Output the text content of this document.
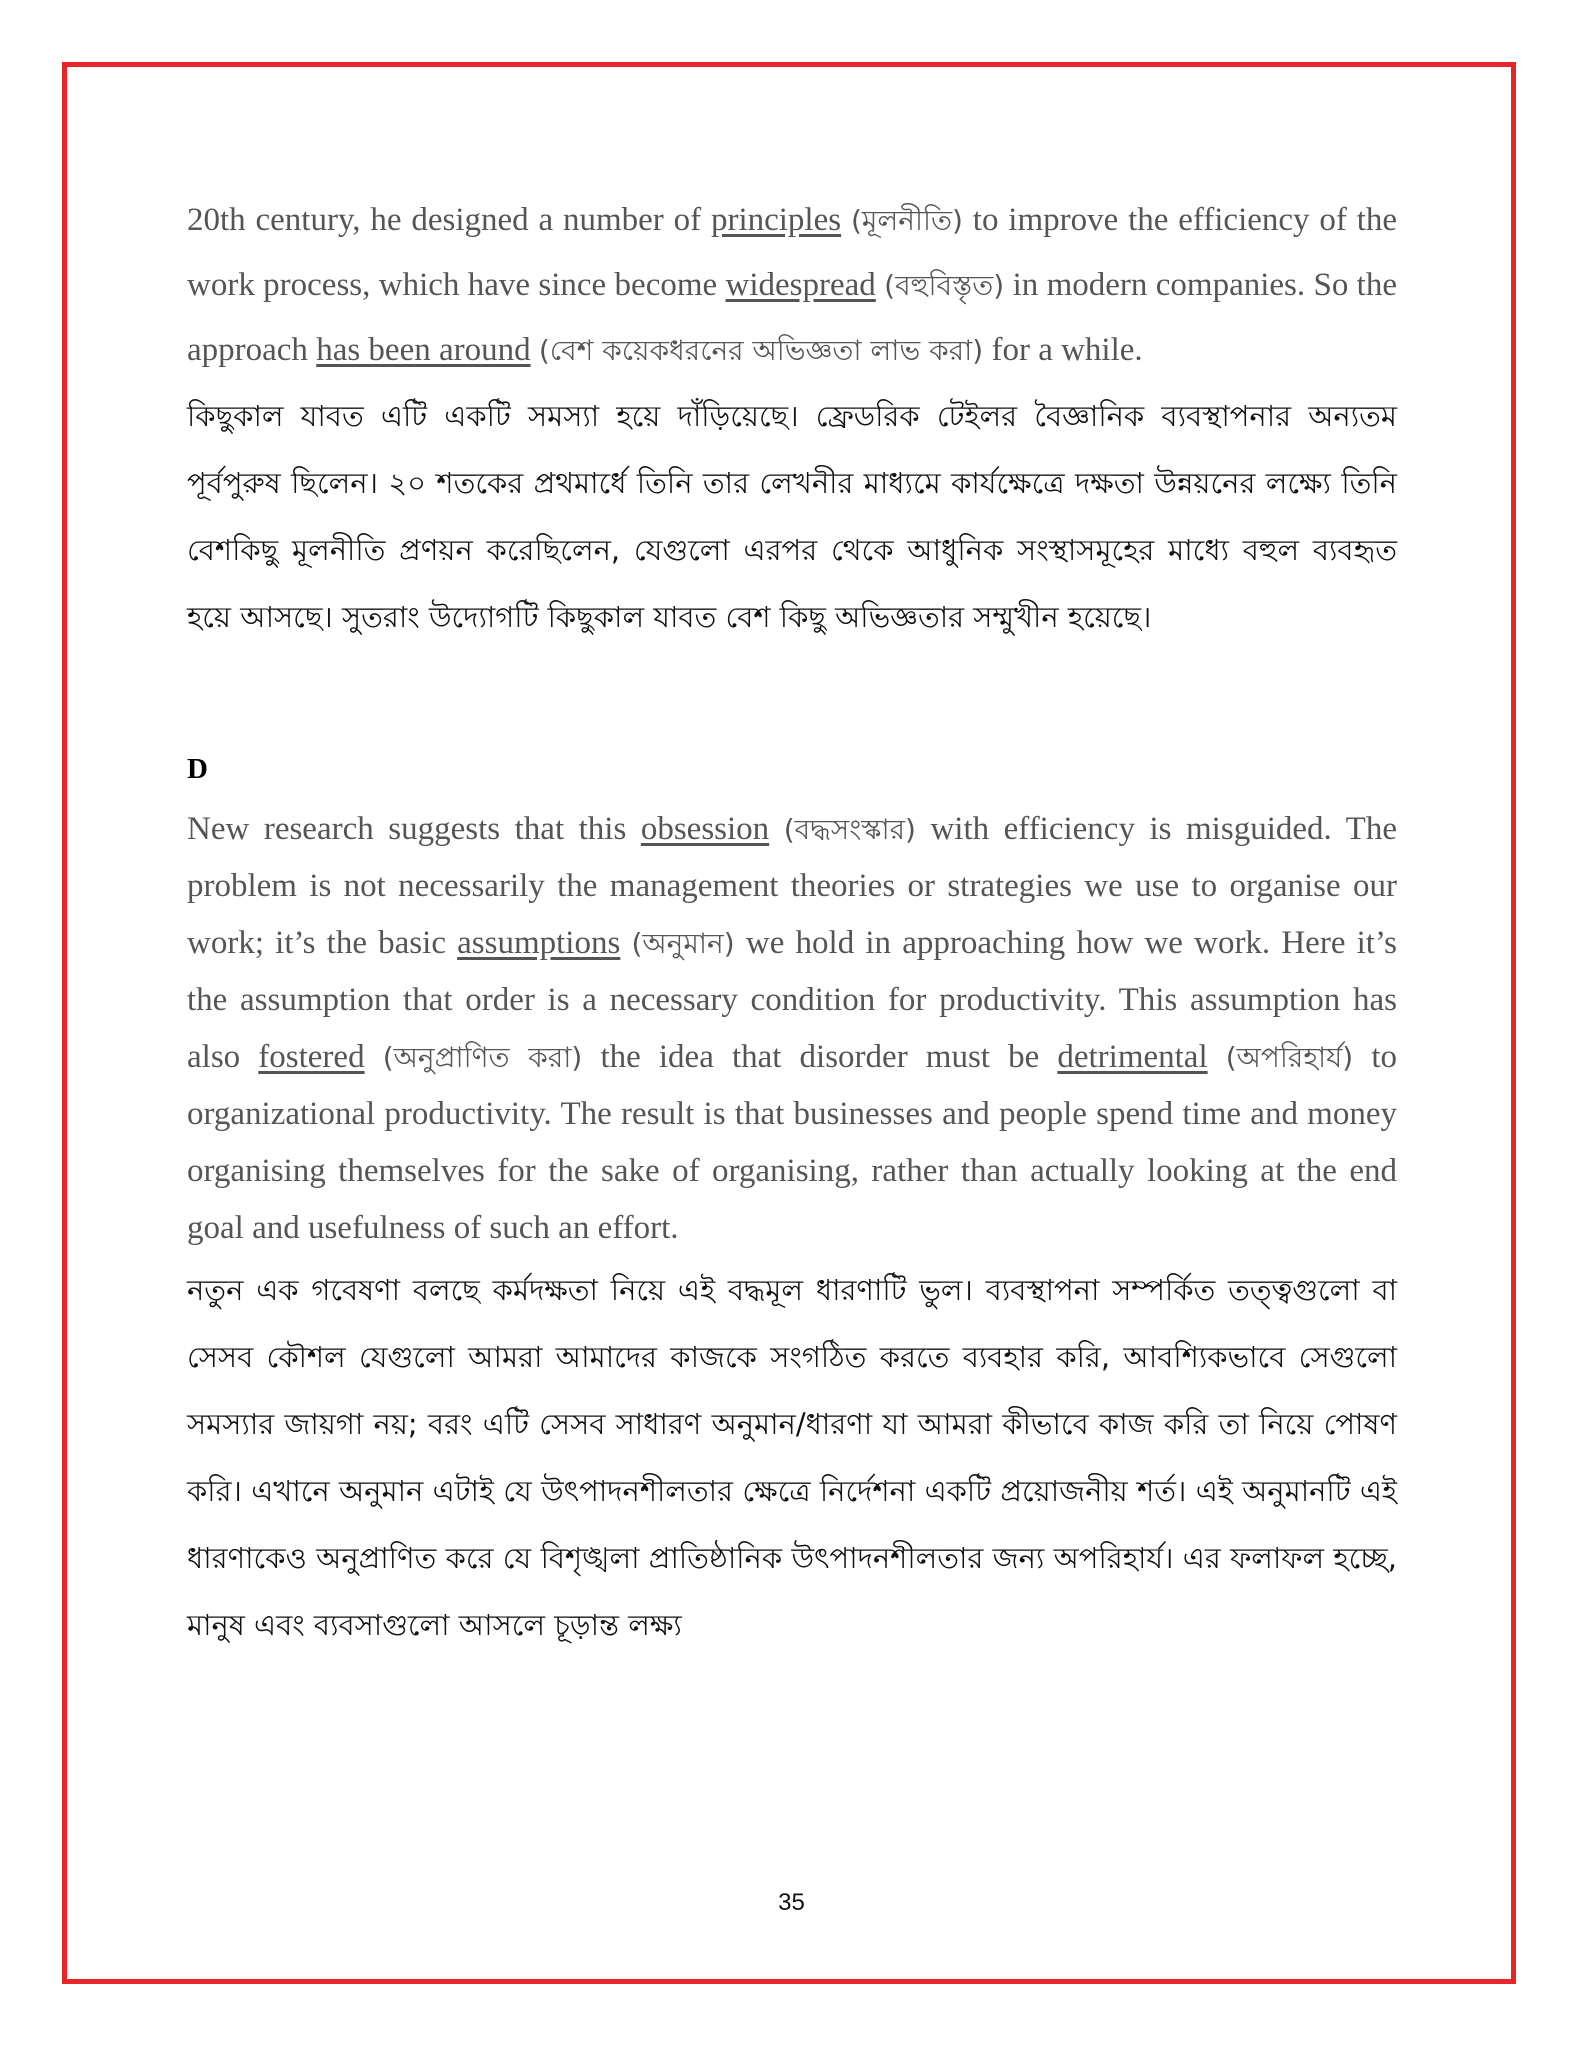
20th century, he designed a number of principles (মূলনীতি) to improve the efficiency of the work process, which have since become widespread (বহুবিস্তৃত) in modern companies. So the approach has been around (বেশ কয়েকধরনের অভিজ্ঞতা লাভ করা) for a while.

কিছুকাল যাবত এটি একটি সমস্যা হয়ে দাঁড়িয়েছে। ফ্রেডরিক টেইলর বৈজ্ঞানিক ব্যবস্থাপনার অন্যতম পূর্বপুরুষ ছিলেন। ২০ শতকের প্রথমার্ধে তিনি তার লেখনীর মাধ্যমে কার্যক্ষেত্রে দক্ষতা উন্নয়নের লক্ষ্যে তিনি বেশকিছু মূলনীতি প্রণয়ন করেছিলেন, যেগুলো এরপর থেকে আধুনিক সংস্থাসমূহের মাধ্যে বহুল ব্যবহৃত হয়ে আসছে। সুতরাং উদ্যোগটি কিছুকাল যাবত বেশ কিছু অভিজ্ঞতার সম্মুখীন হয়েছে।

D

New research suggests that this obsession (বদ্ধসংস্কার) with efficiency is misguided. The problem is not necessarily the management theories or strategies we use to organise our work; it’s the basic assumptions (অনুমান) we hold in approaching how we work. Here it’s the assumption that order is a necessary condition for productivity. This assumption has also fostered (অনুপ্রাণিত করা) the idea that disorder must be detrimental (অপরিহার্য) to organizational productivity. The result is that businesses and people spend time and money organising themselves for the sake of organising, rather than actually looking at the end goal and usefulness of such an effort.

নতুন এক গবেষণা বলছে কর্মদক্ষতা নিয়ে এই বদ্ধমূল ধারণাটি ভুল। ব্যবস্থাপনা সম্পর্কিত তত্ত্বগুলো বা সেসব কৌশল যেগুলো আমরা আমাদের কাজকে সংগঠিত করতে ব্যবহার করি, আবশ্যিকভাবে সেগুলো সমস্যার জায়গা নয়; বরং এটি সেসব সাধারণ অনুমান/ধারণা যা আমরা কীভাবে কাজ করি তা নিয়ে পোষণ করি। এখানে অনুমান এটাই যে উৎপাদনশীলতার ক্ষেত্রে নির্দেশনা একটি প্রয়োজনীয় শর্ত। এই অনুমানটি এই ধারণাকেও অনুপ্রাণিত করে যে বিশৃঙ্খলা প্রাতিষ্ঠানিক উৎপাদনশীলতার জন্য অপরিহার্য। এর ফলাফল হচ্ছে, মানুষ এবং ব্যবসাগুলো আসলে চূড়ান্ত লক্ষ্য

35
